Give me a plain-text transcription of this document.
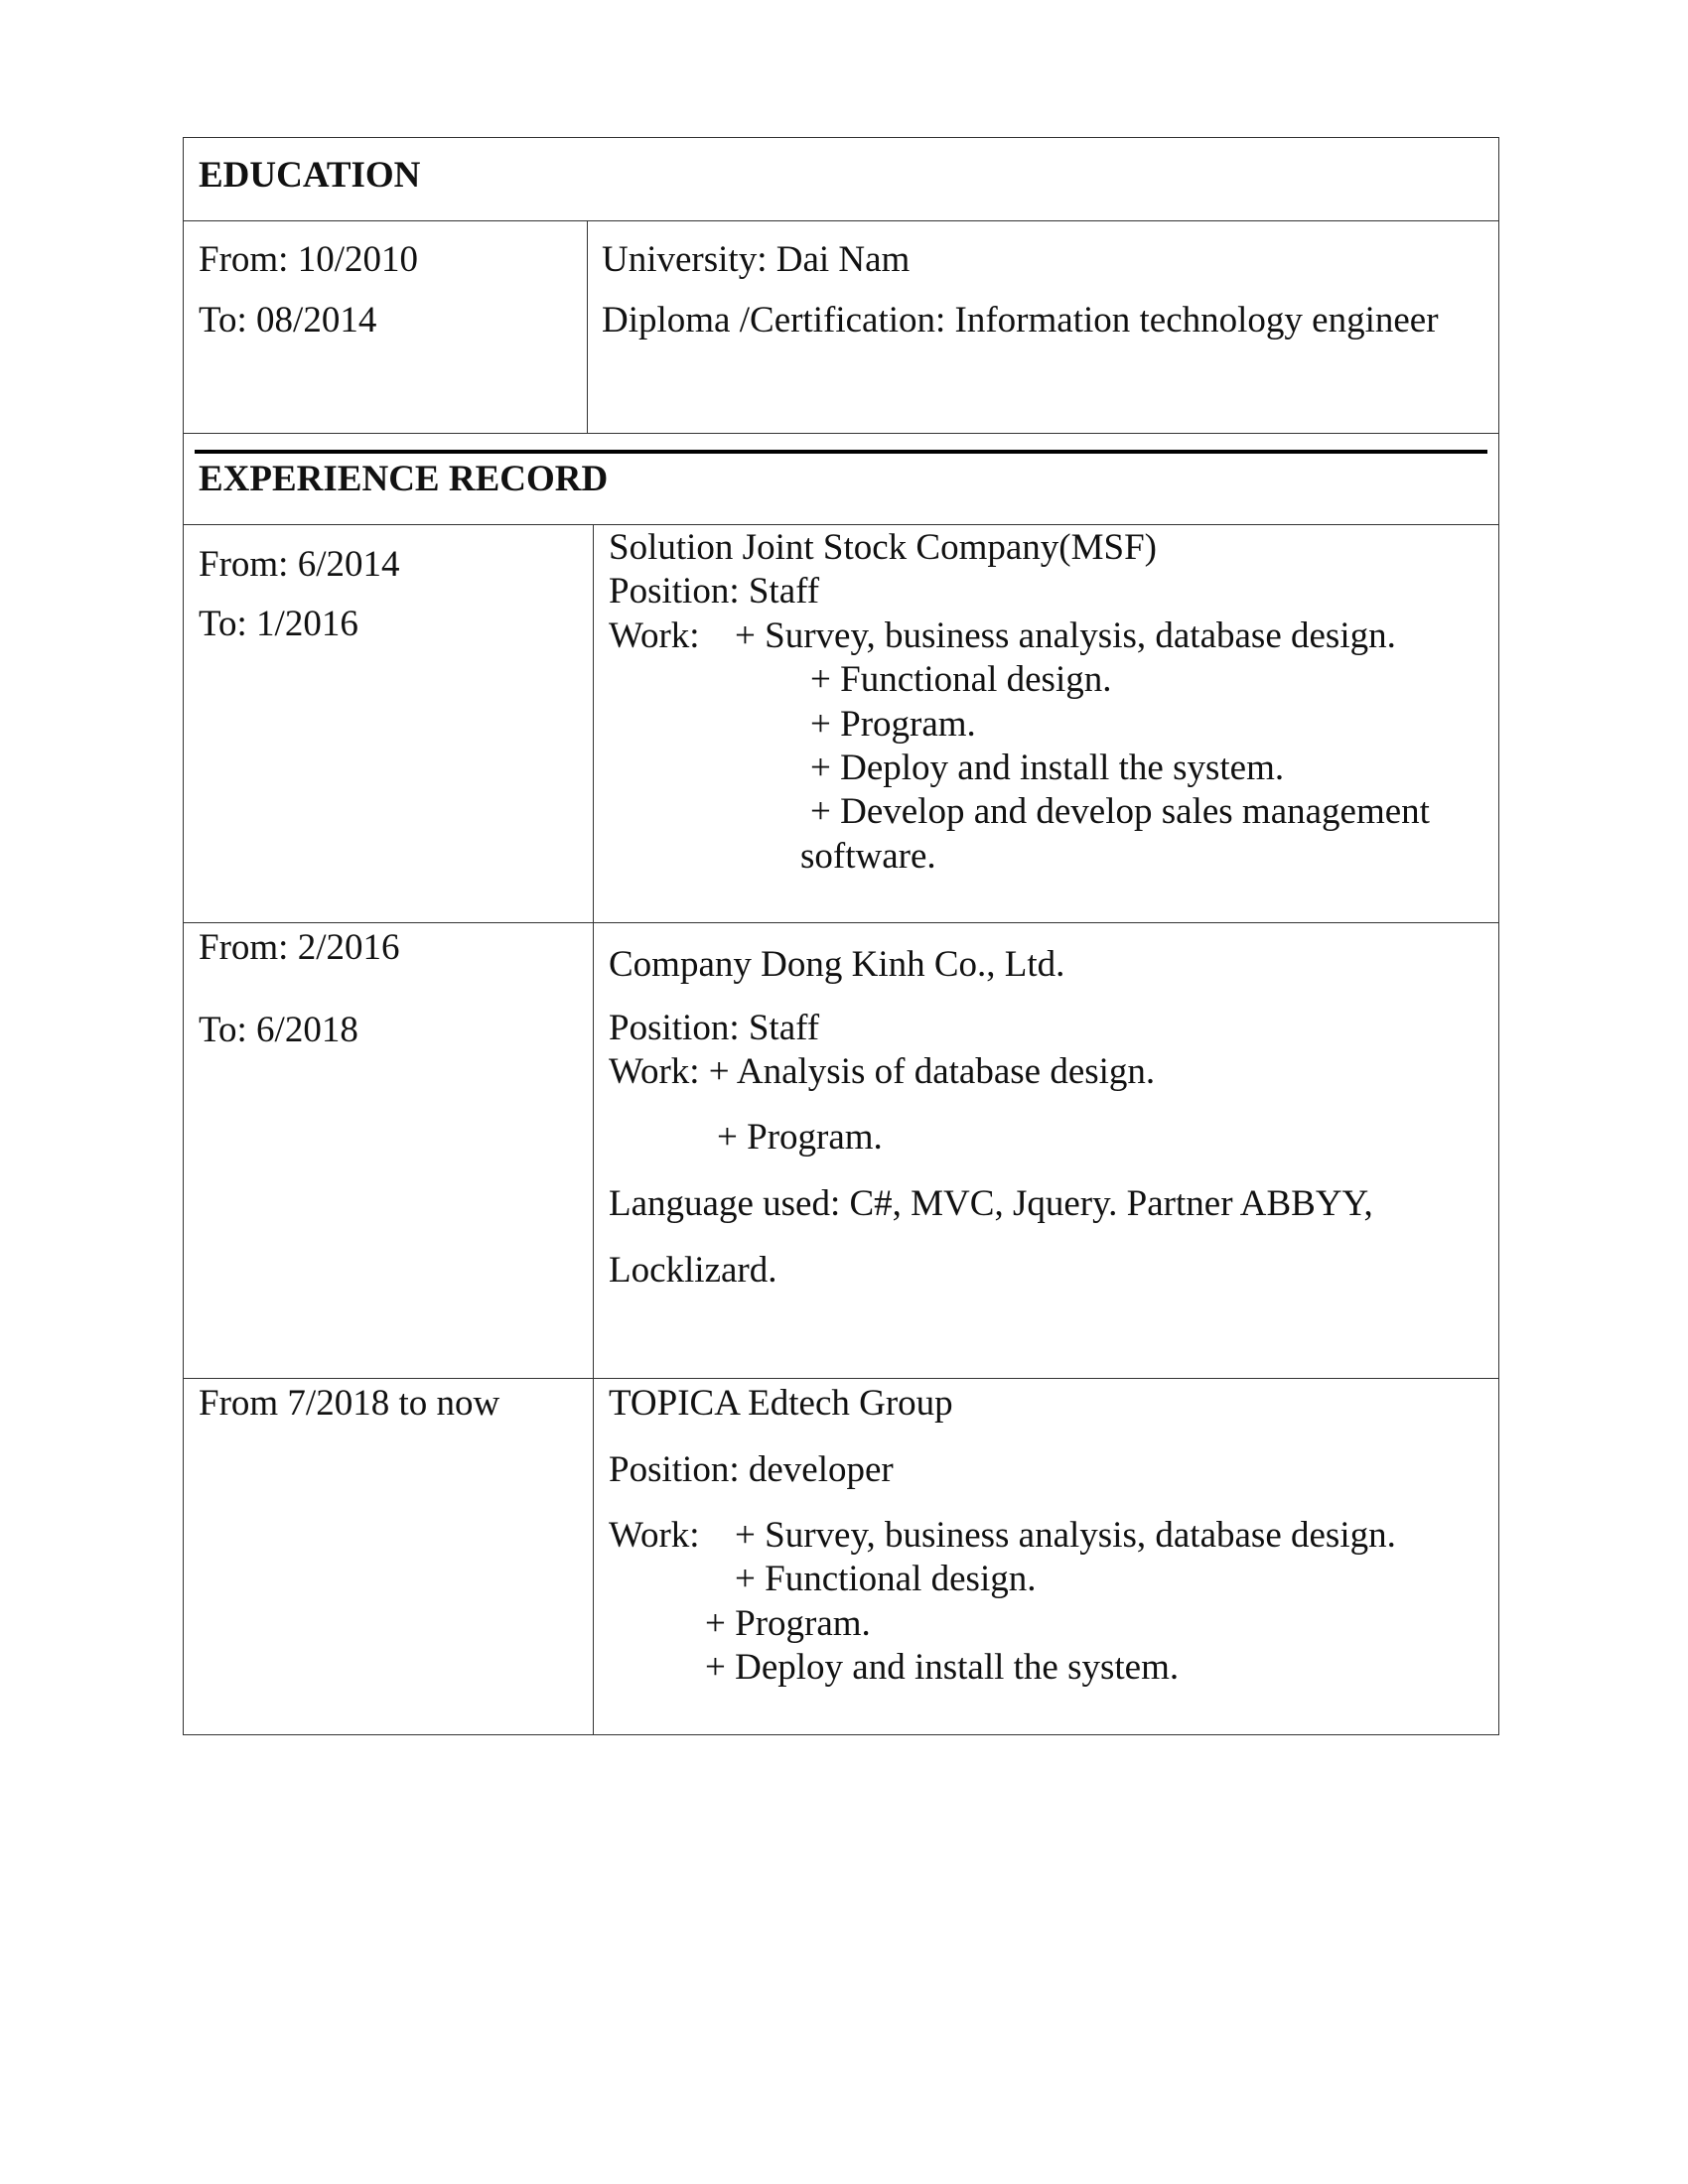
EDUCATION
From: 10/2010
To: 08/2014
University: Dai Nam
Diploma /Certification: Information technology engineer
EXPERIENCE RECORD
From: 6/2014
To: 1/2016
Solution Joint Stock Company(MSF)
Position: Staff
Work: + Survey, business analysis, database design.
+ Functional design.
+ Program.
+ Deploy and install the system.
+ Develop and develop sales management
software.
From: 2/2016
To: 6/2018
Company Dong Kinh Co., Ltd.
Position: Staff
Work: + Analysis of database design.
+ Program.
Language used: C#, MVC, Jquery. Partner ABBYY,
Locklizard.
From 7/2018 to now	TOPICA Edtech Group
Position: developer
Work: + Survey, business analysis, database design.
+ Functional design.
+ Program.
+ Deploy and install the system.
